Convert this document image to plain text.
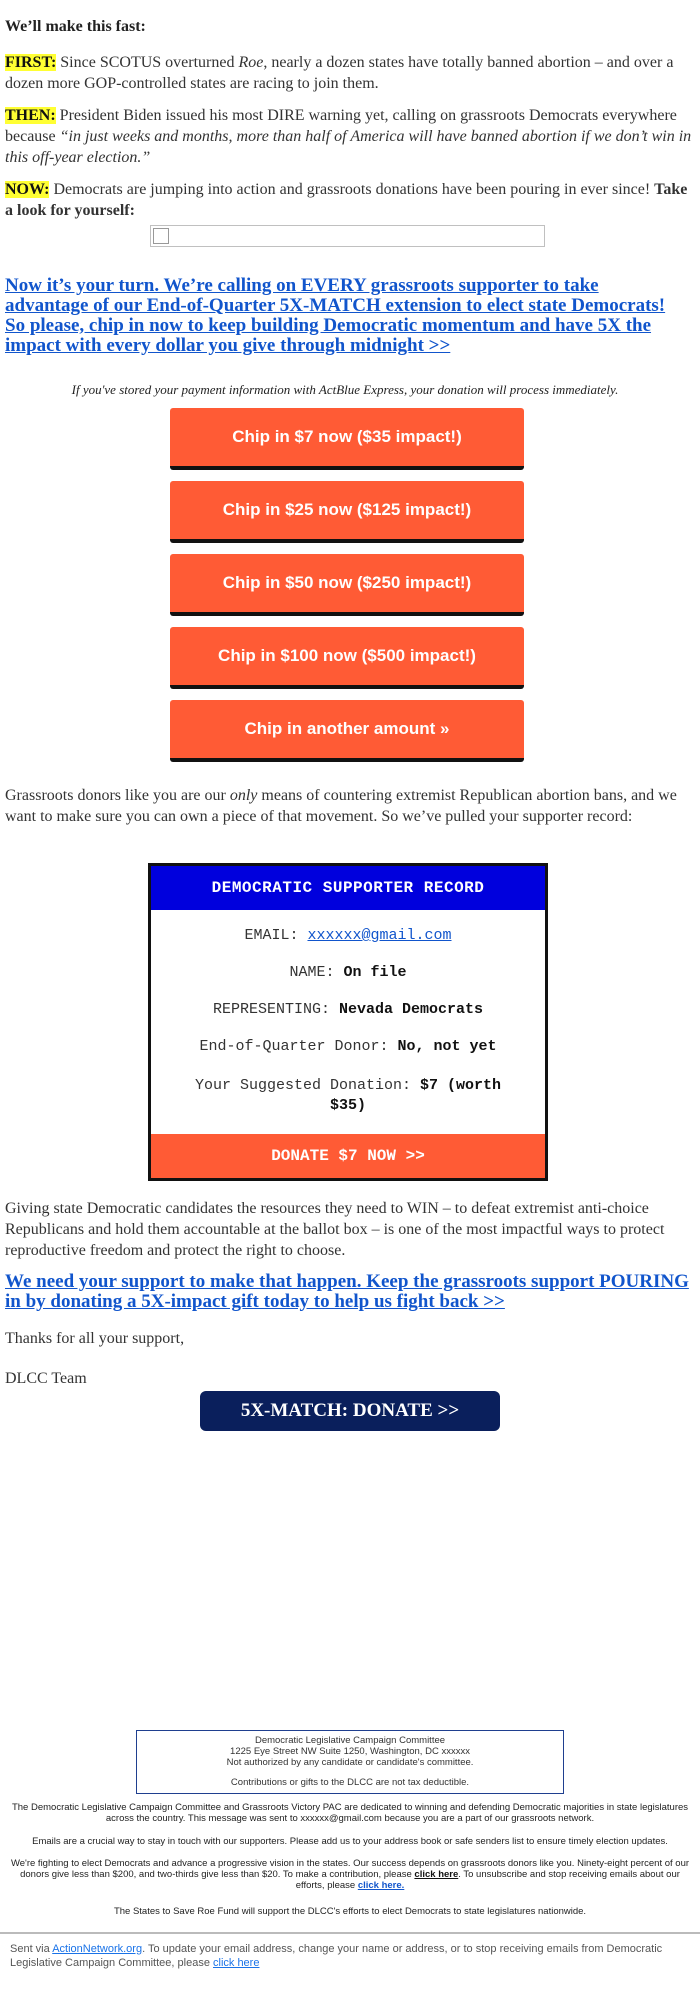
We’ll make this fast:

FIRST: Since SCOTUS overturned Roe, nearly a dozen states have totally banned abortion – and over a dozen more GOP-controlled states are racing to join them.

THEN: President Biden issued his most DIRE warning yet, calling on grassroots Democrats everywhere because “in just weeks and months, more than half of America will have banned abortion if we don’t win in this off-year election.”

NOW: Democrats are jumping into action and grassroots donations have been pouring in ever since! Take a look for yourself:

Now it’s your turn. We’re calling on EVERY grassroots supporter to take advantage of our End-of-Quarter 5X-MATCH extension to elect state Democrats! So please, chip in now to keep building Democratic momentum and have 5X the impact with every dollar you give through midnight >>
If you've stored your payment information with ActBlue Express, your donation will process immediately.
Chip in $7 now ($35 impact!)
Chip in $25 now ($125 impact!)
Chip in $50 now ($250 impact!)
Chip in $100 now ($500 impact!)
Chip in another amount »

Grassroots donors like you are our only means of countering extremist Republican abortion bans, and we want to make sure you can own a piece of that movement. So we’ve pulled your supporter record:

DEMOCRATIC SUPPORTER RECORD
EMAIL: xxxxxx@gmail.com
NAME: On file
REPRESENTING: Nevada Democrats
End-of-Quarter Donor: No, not yet
Your Suggested Donation: $7 (worth $35)
DONATE $7 NOW >>

Giving state Democratic candidates the resources they need to WIN – to defeat extremist anti-choice Republicans and hold them accountable at the ballot box – is one of the most impactful ways to protect reproductive freedom and protect the right to choose.

We need your support to make that happen. Keep the grassroots support POURING in by donating a 5X-impact gift today to help us fight back >>

Thanks for all your support,

DLCC Team

5X-MATCH: DONATE >>
Democratic Legislative Campaign Committee
1225 Eye Street NW Suite 1250, Washington, DC xxxxxx
Not authorized by any candidate or candidate's committee.
Contributions or gifts to the DLCC are not tax deductible.
The Democratic Legislative Campaign Committee and Grassroots Victory PAC are dedicated to winning and defending Democratic majorities in state legislatures across the country. This message was sent to xxxxxx@gmail.com because you are a part of our grassroots network.
Emails are a crucial way to stay in touch with our supporters. Please add us to your address book or safe senders list to ensure timely election updates.
We're fighting to elect Democrats and advance a progressive vision in the states. Our success depends on grassroots donors like you. Ninety-eight percent of our donors give less than $200, and two-thirds give less than $20. To make a contribution, please click here. To unsubscribe and stop receiving emails about our efforts, please click here.
The States to Save Roe Fund will support the DLCC's efforts to elect Democrats to state legislatures nationwide.
Sent via ActionNetwork.org. To update your email address, change your name or address, or to stop receiving emails from Democratic Legislative Campaign Committee, please click here
